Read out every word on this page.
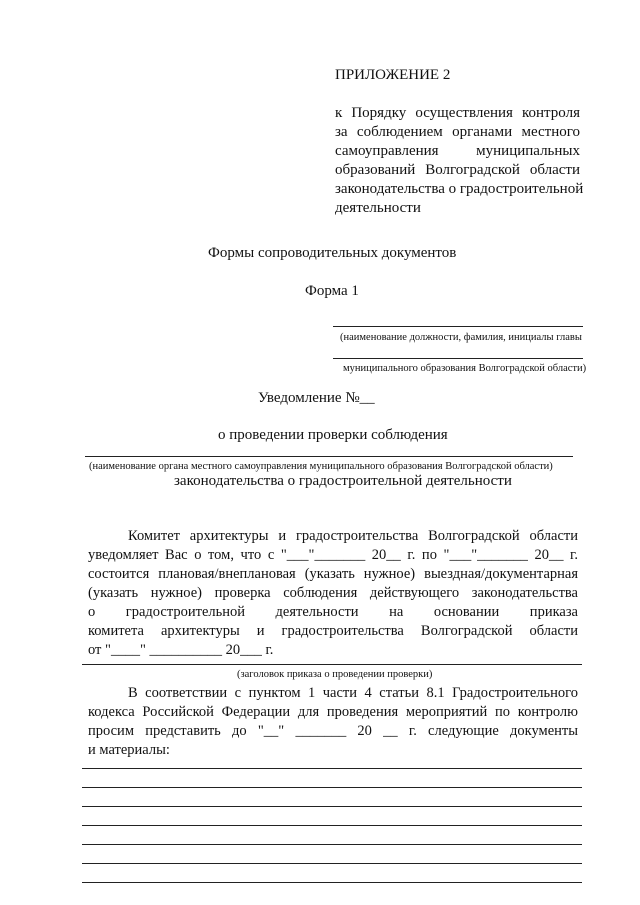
ПРИЛОЖЕНИЕ 2
к Порядку осуществления контроля
за соблюдением органами местного
самоуправления муниципальных
образований Волгоградской области
законодательства о градостроительной
деятельности
Формы сопроводительных документов
Форма 1
(наименование должности, фамилия, инициалы главы
муниципального образования Волгоградской области)
Уведомление №__
о проведении проверки соблюдения
(наименование органа местного самоуправления муниципального образования Волгоградской области)
законодательства о градостроительной деятельности
Комитет архитектуры и градостроительства Волгоградской области
уведомляет Вас о том, что с "___"_______ 20__ г. по "___"_______ 20__ г.
состоится плановая/внеплановая (указать нужное) выездная/документарная
(указать нужное) проверка соблюдения действующего законодательства
о градостроительной деятельности на основании приказа
комитета архитектуры и градостроительства Волгоградской области
от "____" __________ 20___ г.
(заголовок приказа о проведении проверки)
В соответствии с пунктом 1 части 4 статьи 8.1 Градостроительного
кодекса Российской Федерации для проведения мероприятий по контролю
просим представить до "__" _______ 20 __ г. следующие документы
и материалы:
